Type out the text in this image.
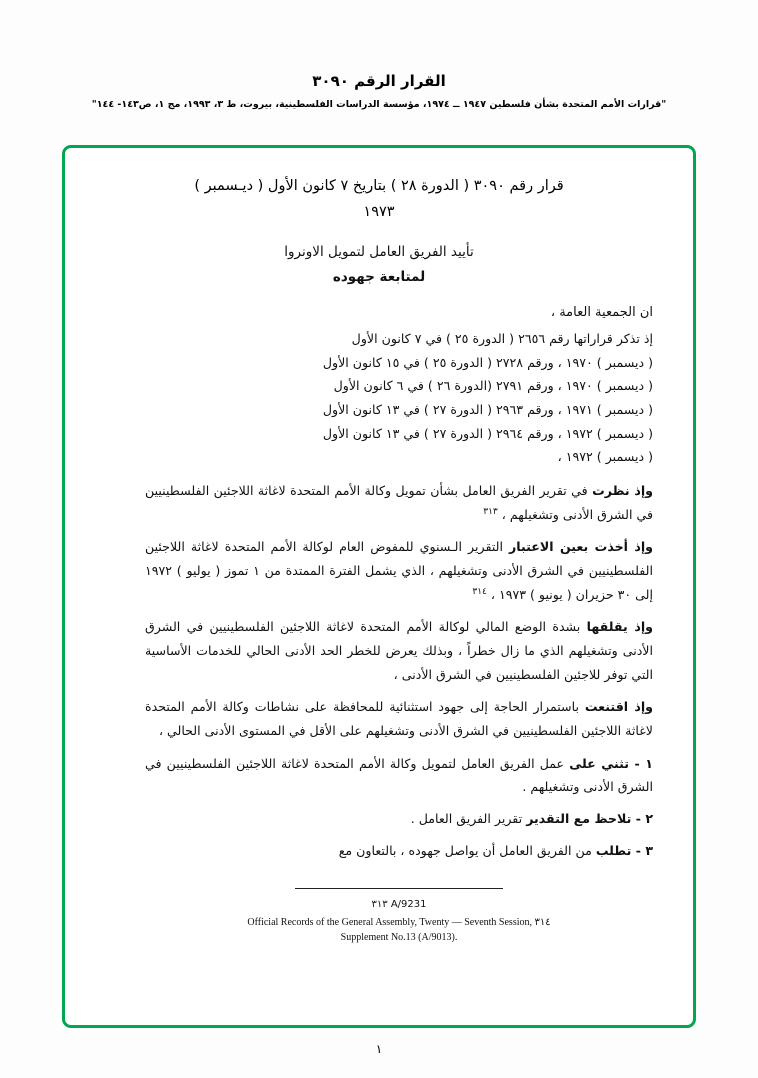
القرار الرقم ٣٠٩٠
"قرارات الأمم المتحدة بشأن فلسطين ١٩٤٧ ــ ١٩٧٤، مؤسسة الدراسات الفلسطينية، بيروت، ط ٣، ١٩٩٣، مج ١، ص١٤٣- ١٤٤"
قرار رقم ٣٠٩٠ ( الدورة ٢٨ ) بتاريخ ٧ كانون الأول ( ديـسمبر )
١٩٧٣
تأييد الفريق العامل لتمويل الاونروا
لمتابعة جهوده
ان الجمعية العامة ،

إذ تذكر قراراتها رقم ٢٦٥٦ ( الدورة ٢٥ ) في ٧ كانون الأول
( ديسمبر ) ١٩٧٠ ، ورقم ٢٧٢٨ ( الدورة ٢٥ ) في ١٥ كانون الأول
( ديسمبر ) ١٩٧٠ ، ورقم ٢٧٩١ (الدورة ٢٦ ) في ٦ كانون الأول
( ديسمبر ) ١٩٧١ ، ورقم ٢٩٦٣ ( الدورة ٢٧ ) في ١٣ كانون الأول
( ديسمبر ) ١٩٧٢ ، ورقم ٢٩٦٤ ( الدورة ٢٧ ) في ١٣ كانون الأول
( ديسمبر ) ١٩٧٢ ،

وإذ نظرت في تقرير الفريق العامل بشأن تمويل وكالة الأمم المتحدة لاغاثة اللاجئين الفلسطينيين في الشرق الأدنى وتشغيلهم ، $^{٣١٣}$

وإذ أخذت بعين الاعتبار التقرير الـسنوي للمفوض العام لوكالة الأمم المتحدة لاغاثة اللاجئين الفلسطينيين في الشرق الأدنى وتشغيلهم ، الذي يشمل الفترة الممتدة من ١ تموز ( يوليو ) ١٩٧٢ إلى ٣٠ حزيران ( يونيو ) ١٩٧٣ ، $^{٣١٤}$

وإذ يقلقها بشدة الوضع المالي لوكالة الأمم المتحدة لاغاثة اللاجئين الفلسطينيين في الشرق الأدنى وتشغيلهم الذي ما زال خطراً ، وبذلك يعرض للخطر الحد الأدنى الحالي للخدمات الأساسية التي توفر للاجئين الفلسطينيين في الشرق الأدنى ،

وإذ اقتنعت باستمرار الحاجة إلى جهود استثنائية للمحافظة على نشاطات وكالة الأمم المتحدة لاغاثة اللاجئين الفلسطينيين في الشرق الأدنى وتشغيلهم على الأقل في المستوى الأدنى الحالي ،

١ - تثني على عمل الفريق العامل لتمويل وكالة الأمم المتحدة لاغاثة اللاجئين الفلسطينيين في الشرق الأدنى وتشغيلهم .

٢ - تلاحظ مع التقدير تقرير الفريق العامل .

٣ - تطلب من الفريق العامل أن يواصل جهوده ، بالتعاون مع

A/9231 ٣١٣
Official Records of the General Assembly, Twenty — Seventh Session, ٣١٤
Supplement No.13 (A/9013).
١
